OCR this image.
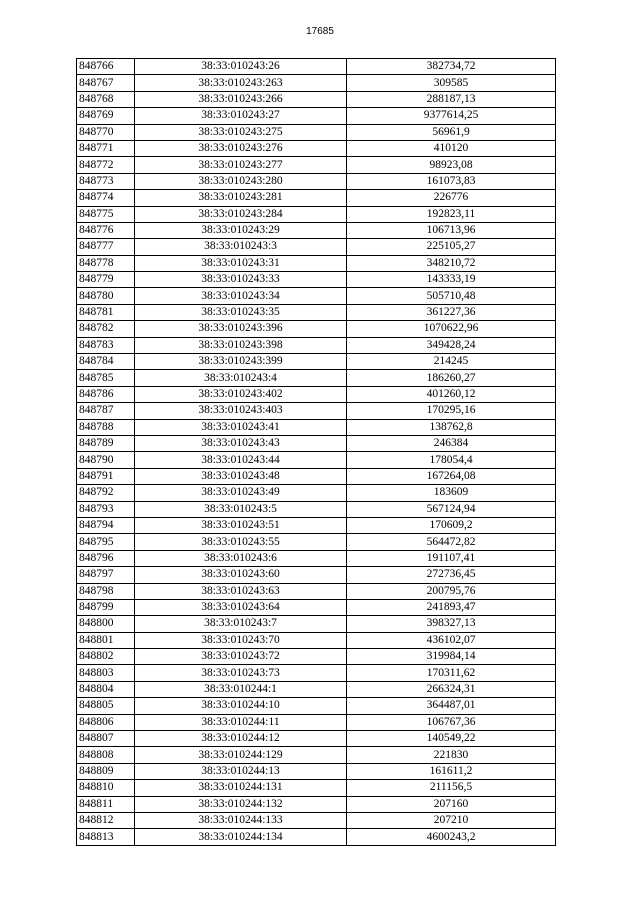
17685
848766	38:33:010243:26	382734,72
848767	38:33:010243:263	309585
848768	38:33:010243:266	288187,13
848769	38:33:010243:27	9377614,25
848770	38:33:010243:275	56961,9
848771	38:33:010243:276	410120
848772	38:33:010243:277	98923,08
848773	38:33:010243:280	161073,83
848774	38:33:010243:281	226776
848775	38:33:010243:284	192823,11
848776	38:33:010243:29	106713,96
848777	38:33:010243:3	225105,27
848778	38:33:010243:31	348210,72
848779	38:33:010243:33	143333,19
848780	38:33:010243:34	505710,48
848781	38:33:010243:35	361227,36
848782	38:33:010243:396	1070622,96
848783	38:33:010243:398	349428,24
848784	38:33:010243:399	214245
848785	38:33:010243:4	186260,27
848786	38:33:010243:402	401260,12
848787	38:33:010243:403	170295,16
848788	38:33:010243:41	138762,8
848789	38:33:010243:43	246384
848790	38:33:010243:44	178054,4
848791	38:33:010243:48	167264,08
848792	38:33:010243:49	183609
848793	38:33:010243:5	567124,94
848794	38:33:010243:51	170609,2
848795	38:33:010243:55	564472,82
848796	38:33:010243:6	191107,41
848797	38:33:010243:60	272736,45
848798	38:33:010243:63	200795,76
848799	38:33:010243:64	241893,47
848800	38:33:010243:7	398327,13
848801	38:33:010243:70	436102,07
848802	38:33:010243:72	319984,14
848803	38:33:010243:73	170311,62
848804	38:33:010244:1	266324,31
848805	38:33:010244:10	364487,01
848806	38:33:010244:11	106767,36
848807	38:33:010244:12	140549,22
848808	38:33:010244:129	221830
848809	38:33:010244:13	161611,2
848810	38:33:010244:131	211156,5
848811	38:33:010244:132	207160
848812	38:33:010244:133	207210
848813	38:33:010244:134	4600243,2
